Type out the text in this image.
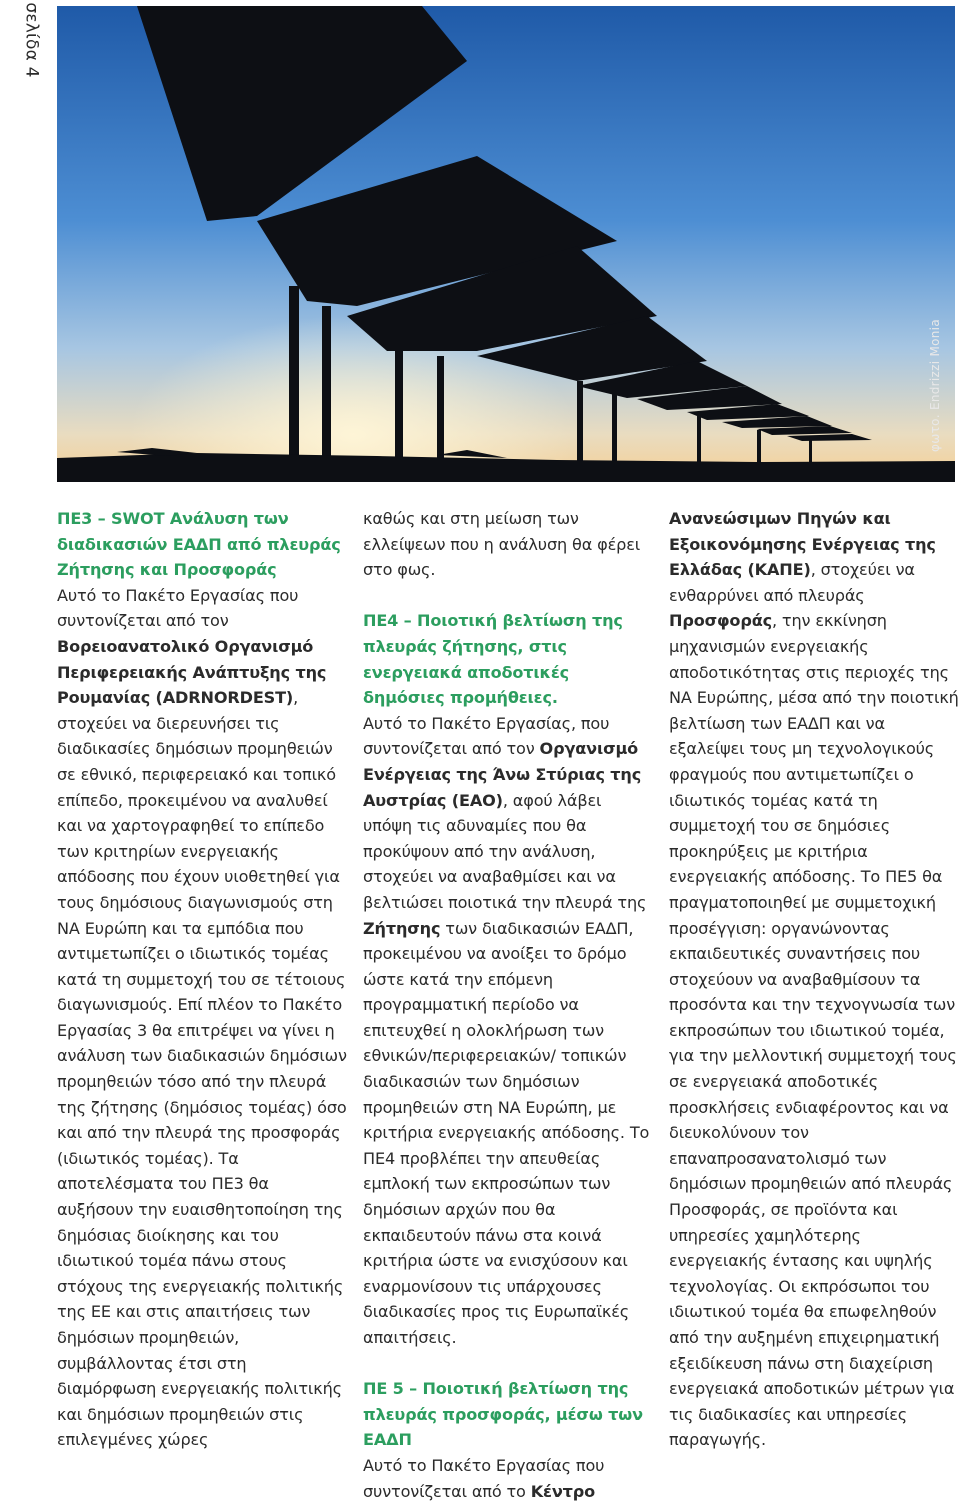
σελίδα 4
φωτο. Endrizzi Monia

ΠΕ3 – SWOT Ανάλυση των διαδικασιών ΕΑΔΠ από πλευράς Ζήτησης και Προσφοράς

Αυτό το Πακέτο Εργασίας που συντονίζεται από τον Βορειοανατολικό Οργανισμό Περιφερειακής Ανάπτυξης της Ρουμανίας (ADRNORDEST), στοχεύει να διερευνήσει τις διαδικασίες δημόσιων προμηθειών σε εθνικό, περιφερειακό και τοπικό επίπεδο, προκειμένου να αναλυθεί και να χαρτογραφηθεί το επίπεδο των κριτηρίων ενεργειακής απόδοσης που έχουν υιοθετηθεί για τους δημόσιους διαγωνισμούς στη ΝΑ Ευρώπη και τα εμπόδια που αντιμετωπίζει ο ιδιωτικός τομέας κατά τη συμμετοχή του σε τέτοιους διαγωνισμούς. Επί πλέον το Πακέτο Εργασίας 3 θα επιτρέψει να γίνει η ανάλυση των διαδικασιών δημόσιων προμηθειών τόσο από την πλευρά της ζήτησης (δημόσιος τομέας) όσο και από την πλευρά της προσφοράς (ιδιωτικός τομέας). Τα αποτελέσματα του ΠΕ3 θα αυξήσουν την ευαισθητοποίηση της δημόσιας διοίκησης και του ιδιωτικού τομέα πάνω στους στόχους της ενεργειακής πολιτικής της ΕΕ και στις απαιτήσεις των δημόσιων προμηθειών, συμβάλλοντας έτσι στη διαμόρφωση ενεργειακής πολιτικής και δημόσιων προμηθειών στις επιλεγμένες χώρες

καθώς και στη μείωση των ελλείψεων που η ανάλυση θα φέρει στο φως.

ΠΕ4 – Ποιοτική βελτίωση της πλευράς ζήτησης, στις ενεργειακά αποδοτικές δημόσιες προμήθειες.

Αυτό το Πακέτο Εργασίας, που συντονίζεται από τον Οργανισμό Ενέργειας της Άνω Στύριας της Αυστρίας (ΕΑΟ), αφού λάβει υπόψη τις αδυναμίες που θα προκύψουν από την ανάλυση, στοχεύει να αναβαθμίσει και να βελτιώσει ποιοτικά την πλευρά της Ζήτησης των διαδικασιών ΕΑΔΠ, προκειμένου να ανοίξει το δρόμο ώστε κατά την επόμενη προγραμματική περίοδο να επιτευχθεί η ολοκλήρωση των εθνικών/περιφερειακών/ τοπικών διαδικασιών των δημόσιων προμηθειών στη ΝΑ Ευρώπη, με κριτήρια ενεργειακής απόδοσης. Το ΠΕ4 προβλέπει την απευθείας εμπλοκή των εκπροσώπων των δημόσιων αρχών που θα εκπαιδευτούν πάνω στα κοινά κριτήρια ώστε να ενισχύσουν και εναρμονίσουν τις υπάρχουσες διαδικασίες προς τις Ευρωπαϊκές απαιτήσεις.

ΠΕ 5 – Ποιοτική βελτίωση της πλευράς προσφοράς, μέσω των ΕΑΔΠ

Αυτό το Πακέτο Εργασίας που συντονίζεται από το Κέντρο

Ανανεώσιμων Πηγών και Εξοικονόμησης Ενέργειας της Ελλάδας (ΚΑΠΕ), στοχεύει να ενθαρρύνει από πλευράς Προσφοράς, την εκκίνηση μηχανισμών ενεργειακής αποδοτικότητας στις περιοχές της ΝΑ Ευρώπης, μέσα από την ποιοτική βελτίωση των ΕΑΔΠ και να εξαλείψει τους μη τεχνολογικούς φραγμούς που αντιμετωπίζει ο ιδιωτικός τομέας κατά τη συμμετοχή του σε δημόσιες προκηρύξεις με κριτήρια ενεργειακής απόδοσης. Το ΠΕ5 θα πραγματοποιηθεί με συμμετοχική προσέγγιση: οργανώνοντας εκπαιδευτικές συναντήσεις που στοχεύουν να αναβαθμίσουν τα προσόντα και την τεχνογνωσία των εκπροσώπων του ιδιωτικού τομέα, για την μελλοντική συμμετοχή τους σε ενεργειακά αποδοτικές προσκλήσεις ενδιαφέροντος και να διευκολύνουν τον επαναπροσανατολισμό των δημόσιων προμηθειών από πλευράς Προσφοράς, σε προϊόντα και υπηρεσίες χαμηλότερης ενεργειακής έντασης και υψηλής τεχνολογίας. Οι εκπρόσωποι του ιδιωτικού τομέα θα επωφεληθούν από την αυξημένη επιχειρηματική εξειδίκευση πάνω στη διαχείριση ενεργειακά αποδοτικών μέτρων για τις διαδικασίες και υπηρεσίες παραγωγής.
